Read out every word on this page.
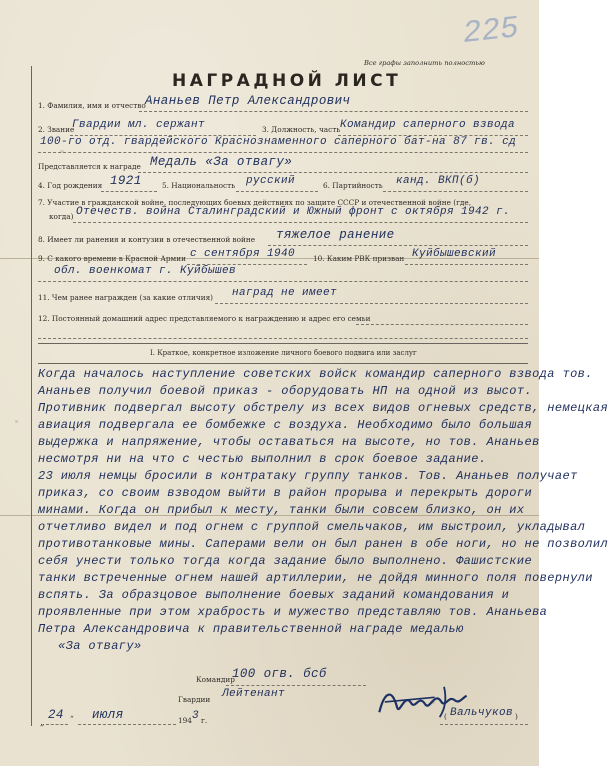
225
Все графы заполнить полностью
НАГРАДНОЙ ЛИСТ
1. Фамилия, имя и отчество Ананьев Петр Александрович
2. Звание
Гвардии мл. сержант	3. Должность, часть Командир саперного взвода
100-го отд. гвардейского Краснознаменного саперного бат-на 87 гв. сд
Представляется к награде Медаль «За отвагу»
4. Год рождения 1921	5. Национальность русский	6. Партийность канд. ВКП(б)
7. Участие в гражданской войне, последующих боевых действиях по защите СССР и отечественной войне (где,
когда) Отечеств. война Сталинградский и Южный фронт с октября 1942 г.
8. Имеет ли ранения и контузии в отечественной войне тяжелое ранение
9. С какого времени в Красной Армии с сентября 1940 10. Каким РВК призван Куйбышевский
обл. военкомат г. Куйбышев
11. Чем ранее награжден (за какие отличия) наград не имеет
12. Постоянный домашний адрес представляемого к награждению и адрес его семьи
I. Краткое, конкретное изложение личного боевого подвига или заслуг
Когда началось наступление советских войск командир саперного взвода тов.
Ананьев получил боевой приказ - оборудовать НП на одной из высот.
Противник подвергал высоту обстрелу из всех видов огневых средств, немецкая
авиация подвергала ее бомбежке с воздуха. Необходимо было большая
выдержка и напряжение, чтобы оставаться на высоте, но тов. Ананьев
несмотря ни на что с честью выполнил в срок боевое задание.
23 июля немцы бросили в контратаку группу танков. Тов. Ананьев получает
приказ, со своим взводом выйти в район прорыва и перекрыть дороги
минами. Когда он прибыл к месту, танки были совсем близко, он их
отчетливо видел и под огнем с группой смельчаков, им выстроил, укладывал
противотанковые мины. Саперами вели он был ранен в обе ноги, но не позволил
себя унести только тогда когда задание было выполнено. Фашистские
танки встреченные огнем нашей артиллерии, не дойдя минного поля повернули
вспять. За образцовое выполнение боевых заданий командования и
проявленные при этом храбрость и мужество представляю тов. Ананьева
Петра Александровича к правительственной награде медалью
«За отвагу»
Командир
100 огв. бсб
Гвардии Лейтенант
„
24 “ июля	194 3 г.	( Вальчуков )
